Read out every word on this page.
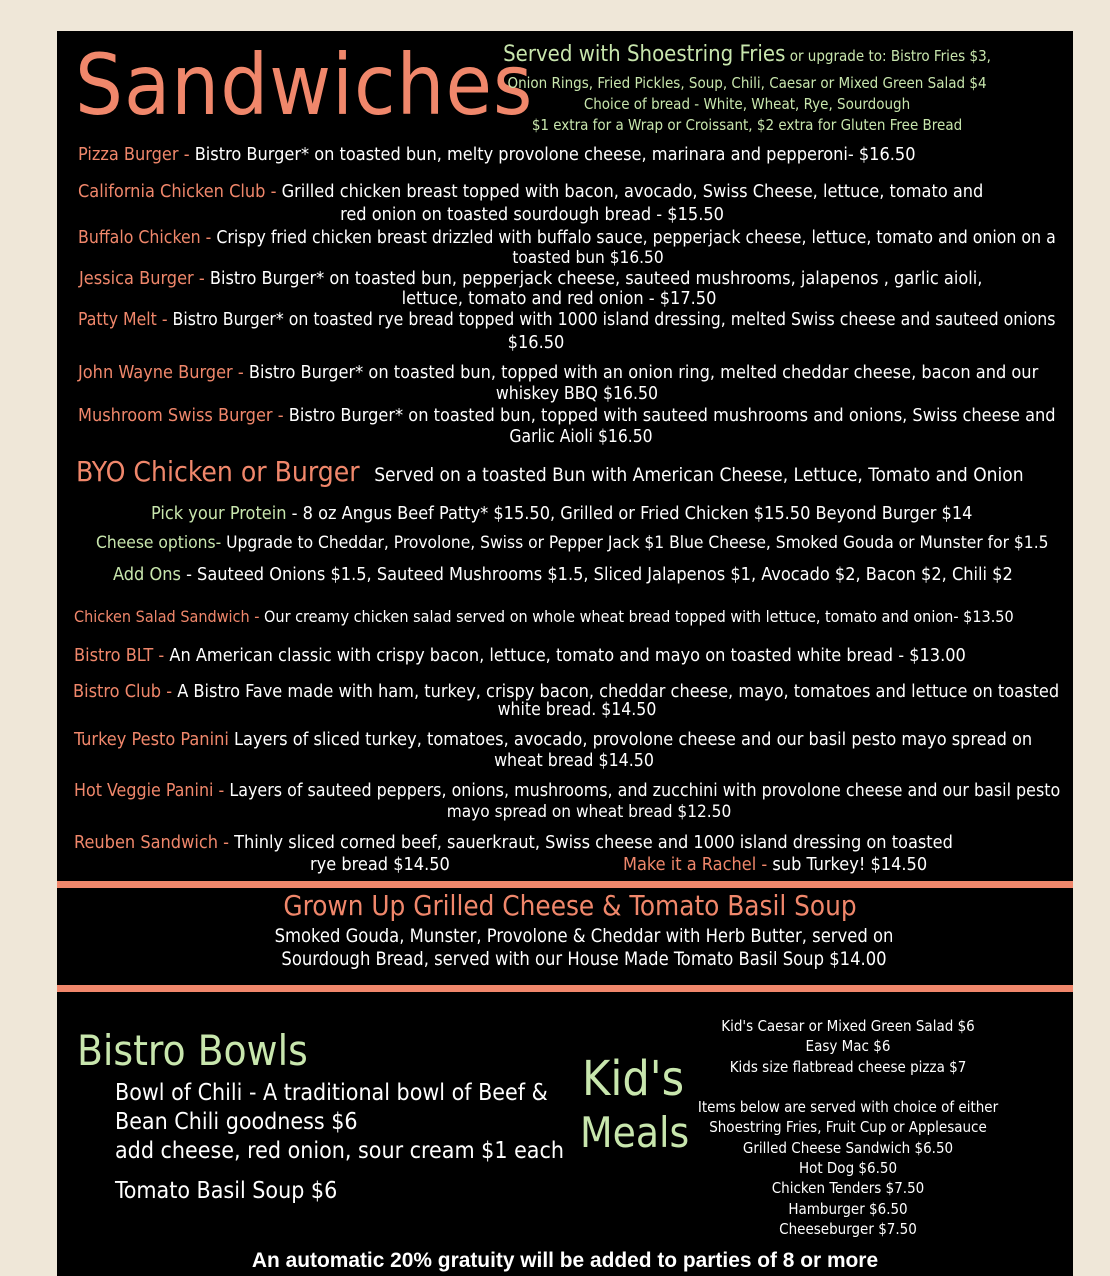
Sandwiches
Served with Shoestring Fries or upgrade to: Bistro Fries $3,
Onion Rings, Fried Pickles, Soup, Chili, Caesar or Mixed Green Salad $4
Choice of bread - White, Wheat, Rye, Sourdough
$1 extra for a Wrap or Croissant, $2 extra for Gluten Free Bread
Pizza Burger - Bistro Burger* on toasted bun, melty provolone cheese, marinara and pepperoni- $16.50
California Chicken Club - Grilled chicken breast topped with bacon, avocado, Swiss Cheese, lettuce, tomato and
red onion on toasted sourdough bread - $15.50
Buffalo Chicken - Crispy fried chicken breast drizzled with buffalo sauce, pepperjack cheese, lettuce, tomato and onion on a
toasted bun $16.50
Jessica Burger - Bistro Burger* on toasted bun, pepperjack cheese, sauteed mushrooms, jalapenos , garlic aioli,
lettuce, tomato and red onion - $17.50
Patty Melt - Bistro Burger* on toasted rye bread topped with 1000 island dressing, melted Swiss cheese and sauteed onions
$16.50
John Wayne Burger - Bistro Burger* on toasted bun, topped with an onion ring, melted cheddar cheese, bacon and our
whiskey BBQ $16.50
Mushroom Swiss Burger - Bistro Burger* on toasted bun, topped with sauteed mushrooms and onions, Swiss cheese and
Garlic Aioli $16.50
BYO Chicken or Burger Served on a toasted Bun with American Cheese, Lettuce, Tomato and Onion
Pick your Protein - 8 oz Angus Beef Patty* $15.50, Grilled or Fried Chicken $15.50 Beyond Burger $14
Cheese options- Upgrade to Cheddar, Provolone, Swiss or Pepper Jack $1 Blue Cheese, Smoked Gouda or Munster for $1.5
Add Ons - Sauteed Onions $1.5, Sauteed Mushrooms $1.5, Sliced Jalapenos $1, Avocado $2, Bacon $2, Chili $2
Chicken Salad Sandwich - Our creamy chicken salad served on whole wheat bread topped with lettuce, tomato and onion- $13.50
Bistro BLT - An American classic with crispy bacon, lettuce, tomato and mayo on toasted white bread - $13.00
Bistro Club - A Bistro Fave made with ham, turkey, crispy bacon, cheddar cheese, mayo, tomatoes and lettuce on toasted
white bread. $14.50
Turkey Pesto Panini Layers of sliced turkey, tomatoes, avocado, provolone cheese and our basil pesto mayo spread on
wheat bread $14.50
Hot Veggie Panini - Layers of sauteed peppers, onions, mushrooms, and zucchini with provolone cheese and our basil pesto
mayo spread on wheat bread $12.50
Reuben Sandwich - Thinly sliced corned beef, sauerkraut, Swiss cheese and 1000 island dressing on toasted
rye bread $14.50	Make it a Rachel - sub Turkey! $14.50
Grown Up Grilled Cheese & Tomato Basil Soup
Smoked Gouda, Munster, Provolone & Cheddar with Herb Butter, served on
Sourdough Bread, served with our House Made Tomato Basil Soup $14.00
Bistro Bowls
Bowl of Chili - A traditional bowl of Beef &
Bean Chili goodness $6
add cheese, red onion, sour cream $1 each
Tomato Basil Soup $6
Kid's
Meals
Kid's Caesar or Mixed Green Salad $6
Easy Mac $6
Kids size flatbread cheese pizza $7
Items below are served with choice of either
Shoestring Fries, Fruit Cup or Applesauce
Grilled Cheese Sandwich $6.50
Hot Dog $6.50
Chicken Tenders $7.50
Hamburger $6.50
Cheeseburger $7.50
An automatic 20% gratuity will be added to parties of 8 or more
